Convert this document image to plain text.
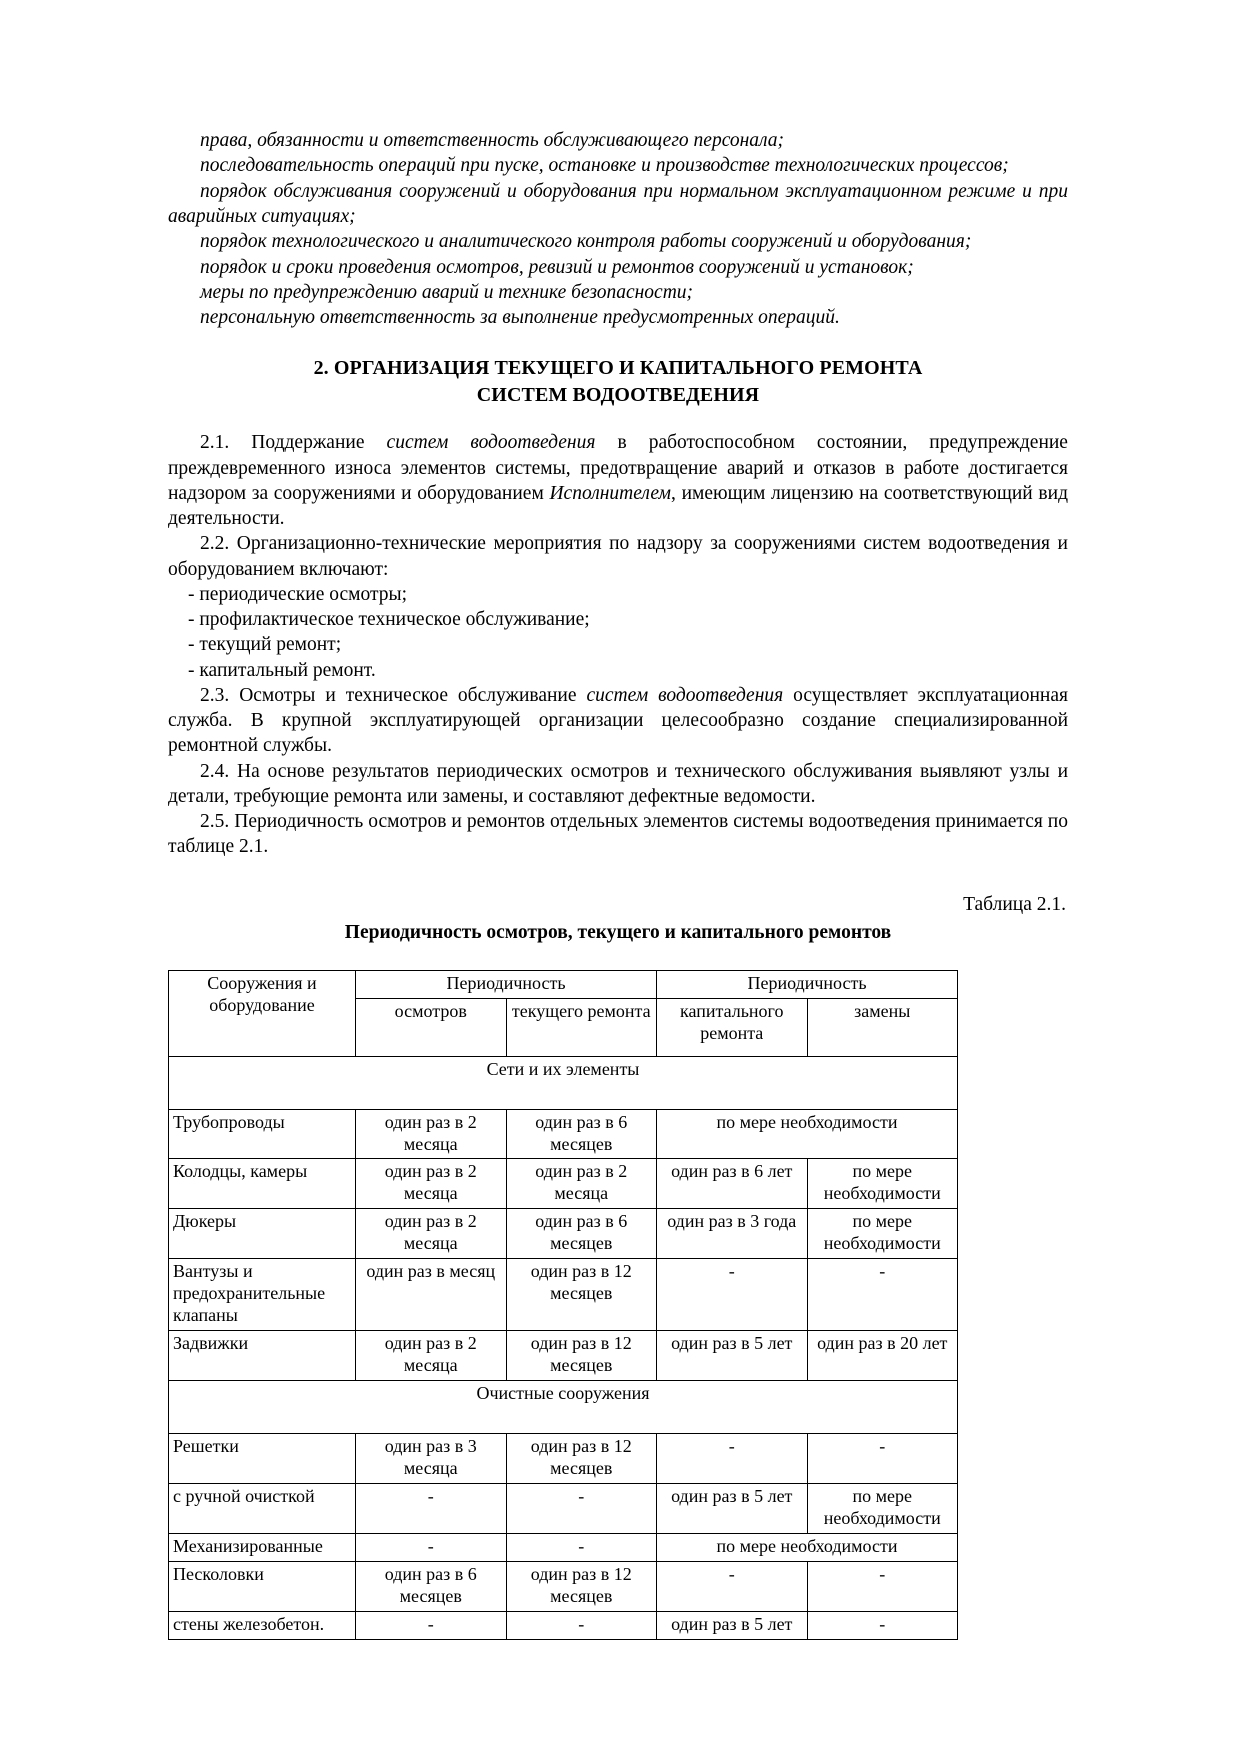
права, обязанности и ответственность обслуживающего персонала;

последовательность операций при пуске, остановке и производстве технологических процессов;

порядок обслуживания сооружений и оборудования при нормальном эксплуатационном режиме и при аварийных ситуациях;

порядок технологического и аналитического контроля работы сооружений и оборудования;

порядок и сроки проведения осмотров, ревизий и ремонтов сооружений и установок;

меры по предупреждению аварий и технике безопасности;

персональную ответственность за выполнение предусмотренных операций.

2. ОРГАНИЗАЦИЯ ТЕКУЩЕГО И КАПИТАЛЬНОГО РЕМОНТА
СИСТЕМ ВОДООТВЕДЕНИЯ

2.1. Поддержание систем водоотведения в работоспособном состоянии, предупреждение преждевременного износа элементов системы, предотвращение аварий и отказов в работе достигается надзором за сооружениями и оборудованием Исполнителем, имеющим лицензию на соответствующий вид деятельности.

2.2. Организационно-технические мероприятия по надзору за сооружениями систем водоотведения и оборудованием включают:

- периодические осмотры;

- профилактическое техническое обслуживание;

- текущий ремонт;

- капитальный ремонт.

2.3. Осмотры и техническое обслуживание систем водоотведения осуществляет эксплуатационная служба. В крупной эксплуатирующей организации целесообразно создание специализированной ремонтной службы.

2.4. На основе результатов периодических осмотров и технического обслуживания выявляют узлы и детали, требующие ремонта или замены, и составляют дефектные ведомости.

2.5. Периодичность осмотров и ремонтов отдельных элементов системы водоотведения принимается по таблице 2.1.

Таблица 2.1.
Периодичность осмотров, текущего и капитального ремонтов
Сооружения и оборудование	Периодичность		Периодичность	
	осмотров	текущего ремонта	капитального ремонта	замены
Сети и их элементы				
Трубопроводы	один раз в 2 месяца	один раз в 6 месяцев	по мере необходимости	
Колодцы, камеры	один раз в 2 месяца	один раз в 2 месяца	один раз в 6 лет	по мере необходимости
Дюкеры	один раз в 2 месяца	один раз в 6 месяцев	один раз в 3 года	по мере необходимости
Вантузы и предохранительные клапаны	один раз в месяц	один раз в 12 месяцев	-	-
Задвижки	один раз в 2 месяца	один раз в 12 месяцев	один раз в 5 лет	один раз в 20 лет
Очистные сооружения				
Решетки	один раз в 3 месяца	один раз в 12 месяцев	-	-
с ручной очисткой	-	-	один раз в 5 лет	по мере необходимости
Механизированные	-	-	по мере необходимости	
Песколовки	один раз в 6 месяцев	один раз в 12 месяцев	-	-
стены железобетон.	-	-	один раз в 5 лет	-
